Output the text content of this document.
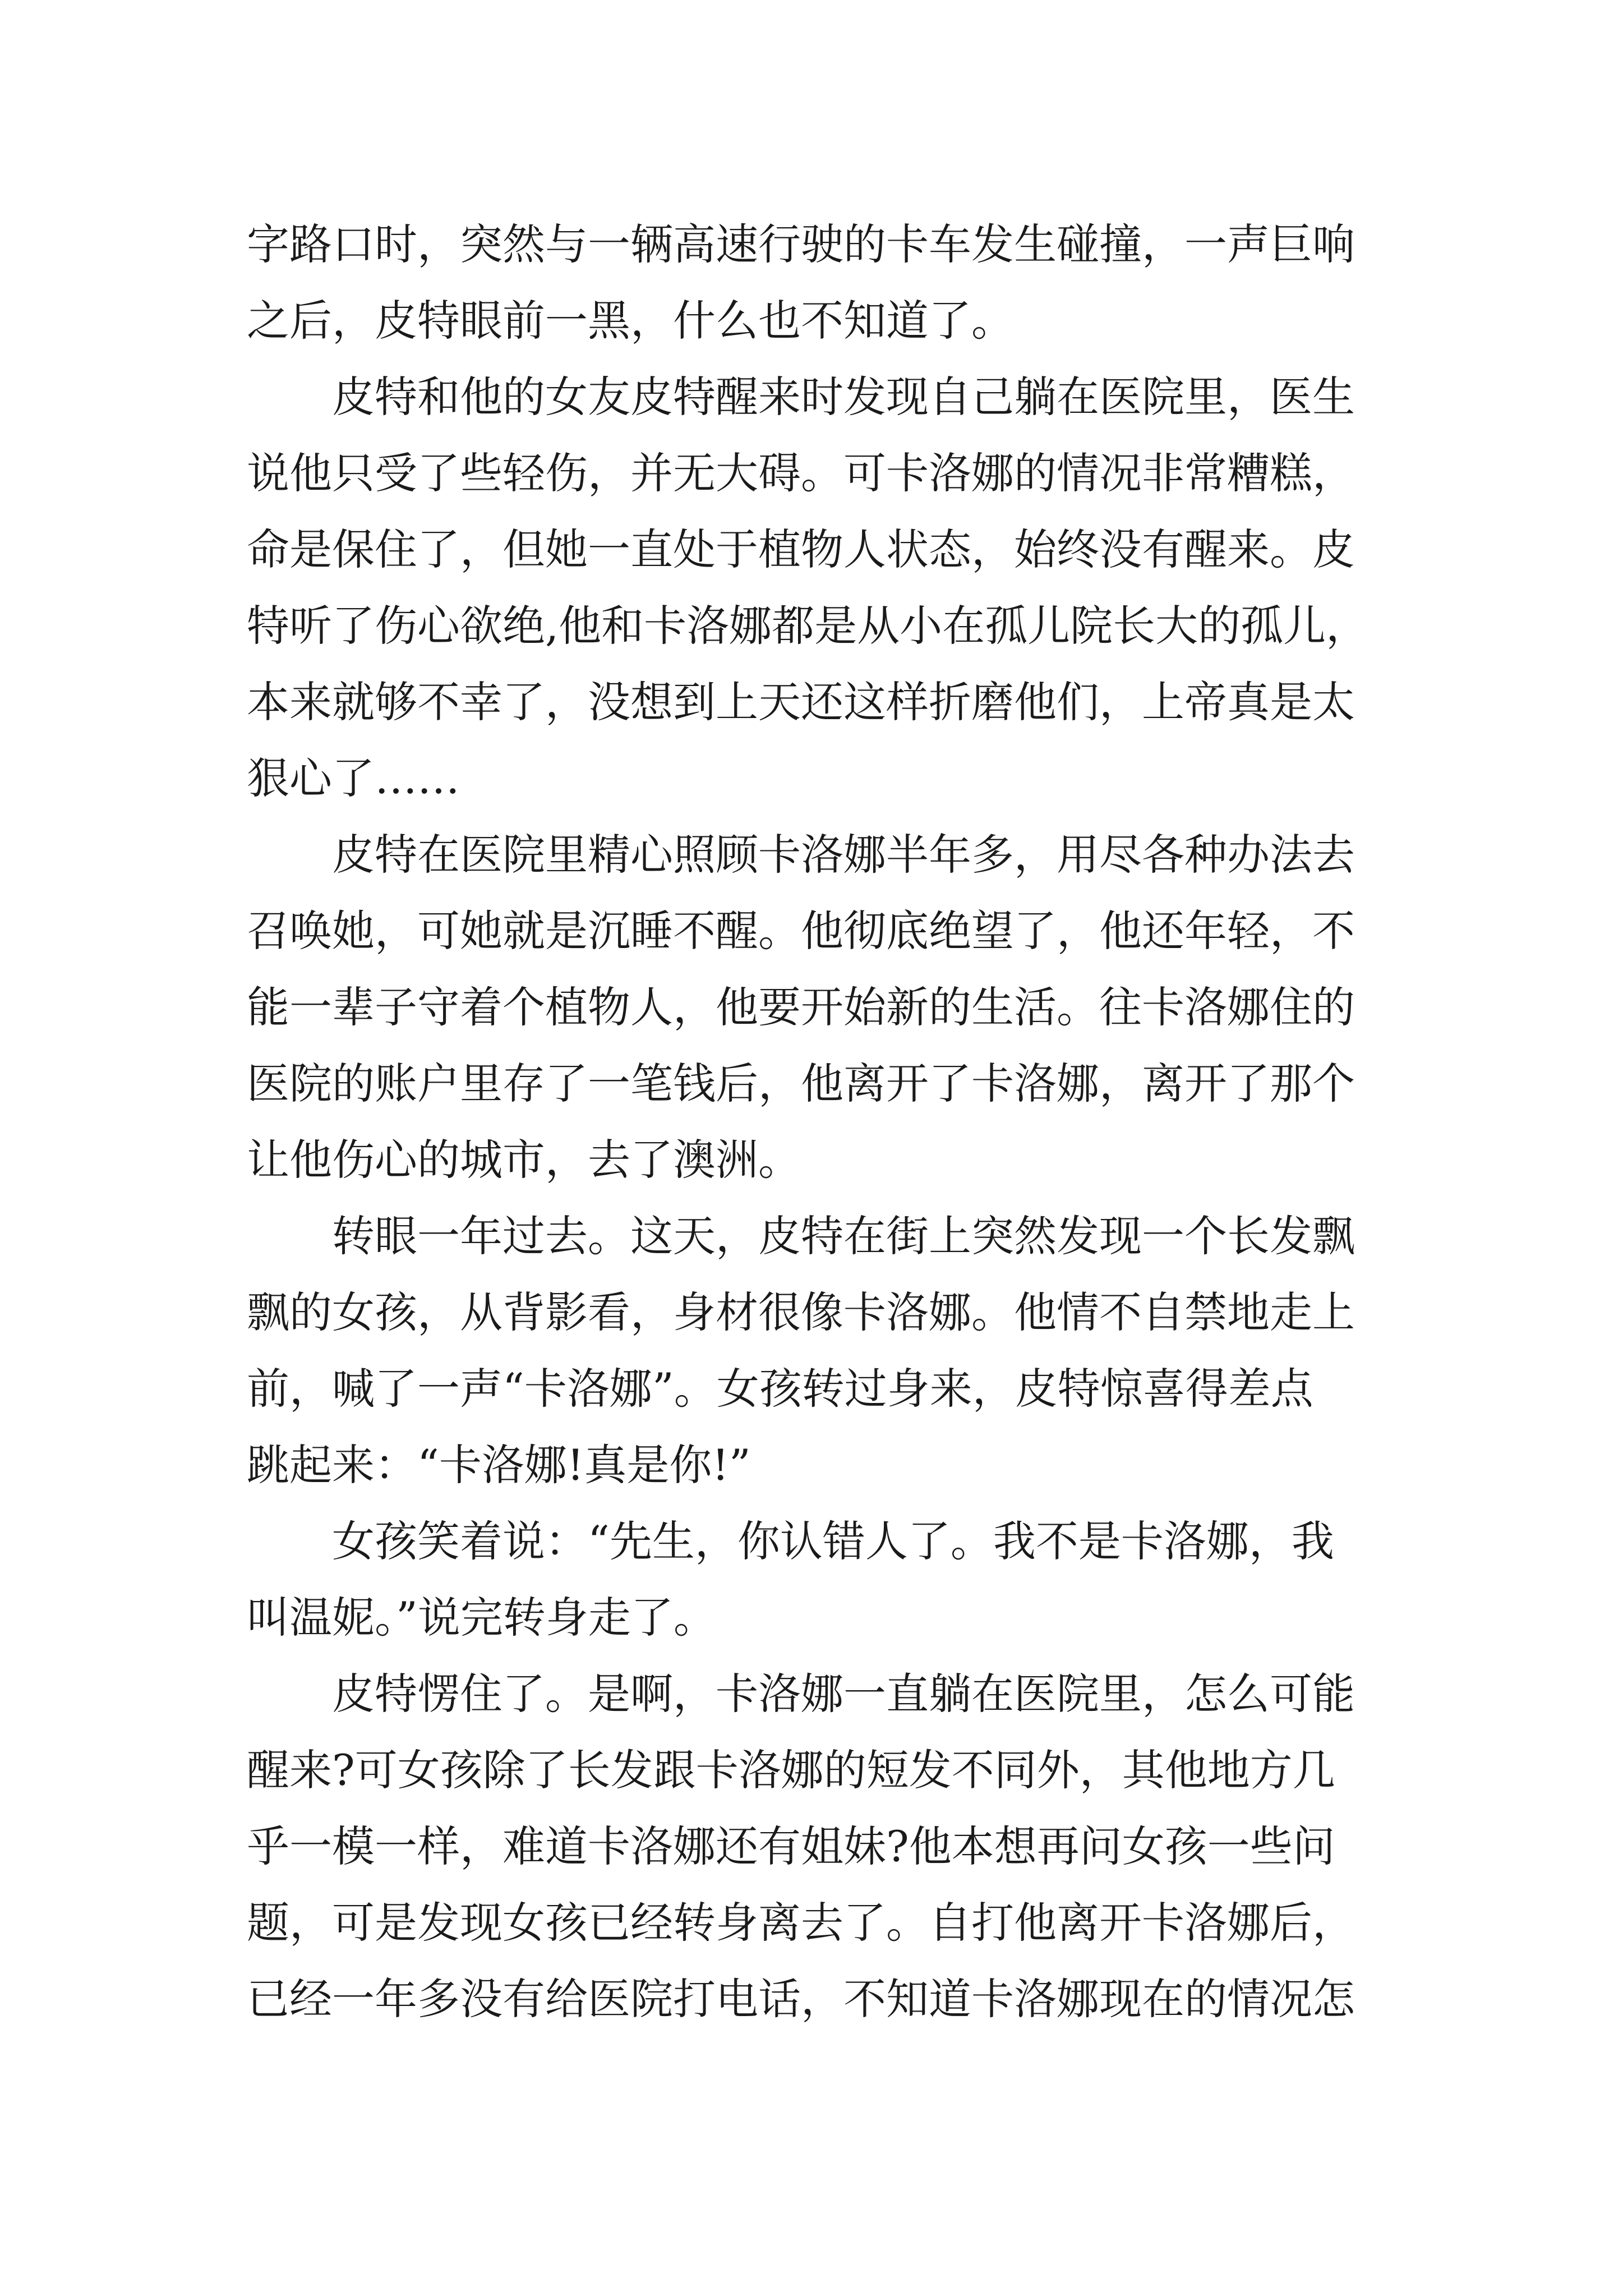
字路口时，突然与一辆高速行驶的卡车发生碰撞，一声巨响
之后，皮特眼前一黑，什么也不知道了。
　　皮特和他的女友皮特醒来时发现自己躺在医院里，医生
说他只受了些轻伤，并无大碍。可卡洛娜的情况非常糟糕，
命是保住了，但她一直处于植物人状态，始终没有醒来。皮
特听了伤心欲绝,他和卡洛娜都是从小在孤儿院长大的孤儿，
本来就够不幸了，没想到上天还这样折磨他们，上帝真是太
狠心了……
　　皮特在医院里精心照顾卡洛娜半年多，用尽各种办法去
召唤她，可她就是沉睡不醒。他彻底绝望了，他还年轻，不
能一辈子守着个植物人，他要开始新的生活。往卡洛娜住的
医院的账户里存了一笔钱后，他离开了卡洛娜，离开了那个
让他伤心的城市，去了澳洲。
　　转眼一年过去。这天，皮特在街上突然发现一个长发飘
飘的女孩，从背影看，身材很像卡洛娜。他情不自禁地走上
前，喊了一声“卡洛娜”。女孩转过身来，皮特惊喜得差点
跳起来：“卡洛娜!真是你!”
　　女孩笑着说：“先生，你认错人了。我不是卡洛娜，我
叫温妮。”说完转身走了。
　　皮特愣住了。是啊，卡洛娜一直躺在医院里，怎么可能
醒来?可女孩除了长发跟卡洛娜的短发不同外，其他地方几
乎一模一样，难道卡洛娜还有姐妹?他本想再问女孩一些问
题，可是发现女孩已经转身离去了。自打他离开卡洛娜后，
已经一年多没有给医院打电话，不知道卡洛娜现在的情况怎
